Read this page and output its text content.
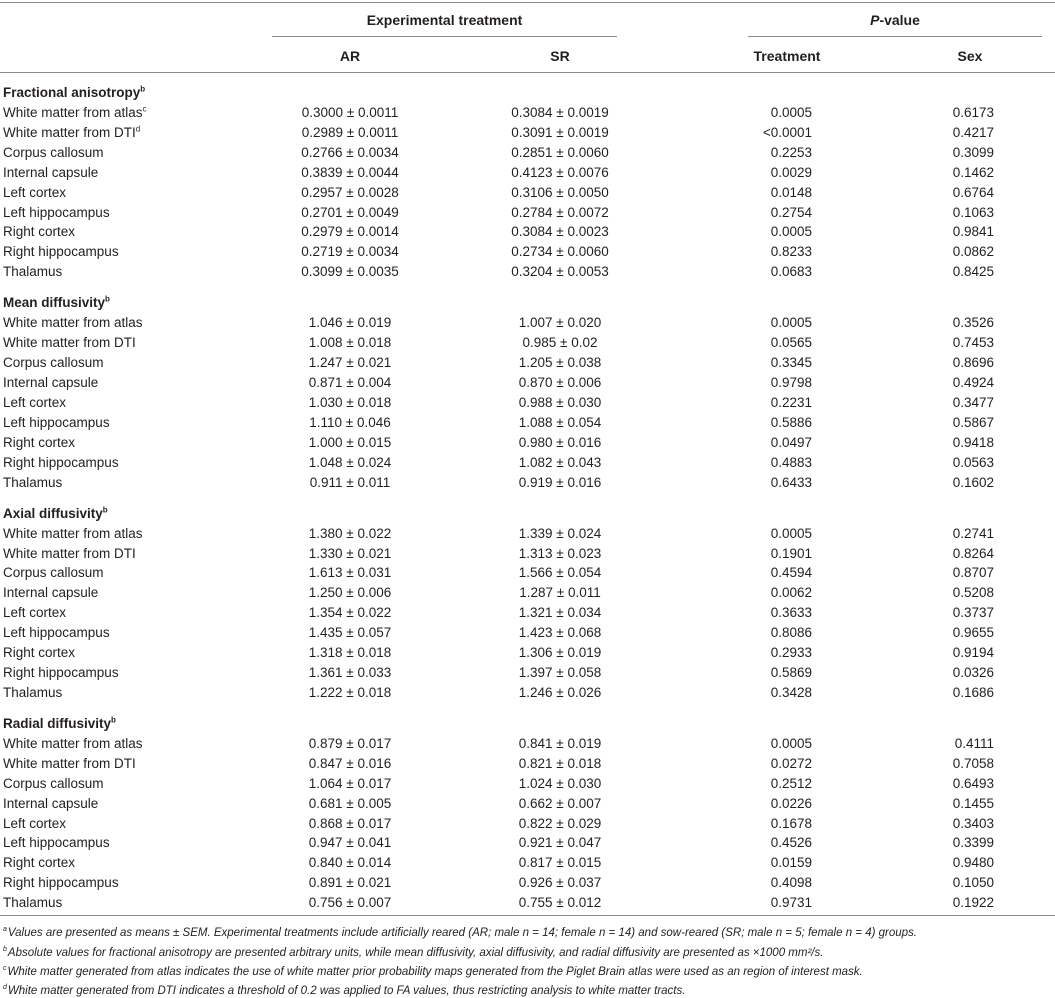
Experimental treatment	P-value
AR	SR	Treatment	Sex
Fractional anisotropy$^b$
White matter from atlas$^c$	0.3000 ± 0.0011	0.3084 ± 0.0019	0.0005	0.6173
White matter from DTI$^d$	0.2989 ± 0.0011	0.3091 ± 0.0019	<0.0001	0.4217
Corpus callosum	0.2766 ± 0.0034	0.2851 ± 0.0060	0.2253	0.3099
Internal capsule	0.3839 ± 0.0044	0.4123 ± 0.0076	0.0029	0.1462
Left cortex	0.2957 ± 0.0028	0.3106 ± 0.0050	0.0148	0.6764
Left hippocampus	0.2701 ± 0.0049	0.2784 ± 0.0072	0.2754	0.1063
Right cortex	0.2979 ± 0.0014	0.3084 ± 0.0023	0.0005	0.9841
Right hippocampus	0.2719 ± 0.0034	0.2734 ± 0.0060	0.8233	0.0862
Thalamus	0.3099 ± 0.0035	0.3204 ± 0.0053	0.0683	0.8425
Mean diffusivity$^b$
White matter from atlas	1.046 ± 0.019	1.007 ± 0.020	0.0005	0.3526
White matter from DTI	1.008 ± 0.018	0.985 ± 0.02	0.0565	0.7453
Corpus callosum	1.247 ± 0.021	1.205 ± 0.038	0.3345	0.8696
Internal capsule	0.871 ± 0.004	0.870 ± 0.006	0.9798	0.4924
Left cortex	1.030 ± 0.018	0.988 ± 0.030	0.2231	0.3477
Left hippocampus	1.110 ± 0.046	1.088 ± 0.054	0.5886	0.5867
Right cortex	1.000 ± 0.015	0.980 ± 0.016	0.0497	0.9418
Right hippocampus	1.048 ± 0.024	1.082 ± 0.043	0.4883	0.0563
Thalamus	0.911 ± 0.011	0.919 ± 0.016	0.6433	0.1602
Axial diffusivity$^b$
White matter from atlas	1.380 ± 0.022	1.339 ± 0.024	0.0005	0.2741
White matter from DTI	1.330 ± 0.021	1.313 ± 0.023	0.1901	0.8264
Corpus callosum	1.613 ± 0.031	1.566 ± 0.054	0.4594	0.8707
Internal capsule	1.250 ± 0.006	1.287 ± 0.011	0.0062	0.5208
Left cortex	1.354 ± 0.022	1.321 ± 0.034	0.3633	0.3737
Left hippocampus	1.435 ± 0.057	1.423 ± 0.068	0.8086	0.9655
Right cortex	1.318 ± 0.018	1.306 ± 0.019	0.2933	0.9194
Right hippocampus	1.361 ± 0.033	1.397 ± 0.058	0.5869	0.0326
Thalamus	1.222 ± 0.018	1.246 ± 0.026	0.3428	0.1686
Radial diffusivity$^b$
White matter from atlas	0.879 ± 0.017	0.841 ± 0.019	0.0005	0.4111
White matter from DTI	0.847 ± 0.016	0.821 ± 0.018	0.0272	0.7058
Corpus callosum	1.064 ± 0.017	1.024 ± 0.030	0.2512	0.6493
Internal capsule	0.681 ± 0.005	0.662 ± 0.007	0.0226	0.1455
Left cortex	0.868 ± 0.017	0.822 ± 0.029	0.1678	0.3403
Left hippocampus	0.947 ± 0.041	0.921 ± 0.047	0.4526	0.3399
Right cortex	0.840 ± 0.014	0.817 ± 0.015	0.0159	0.9480
Right hippocampus	0.891 ± 0.021	0.926 ± 0.037	0.4098	0.1050
Thalamus	0.756 ± 0.007	0.755 ± 0.012	0.9731	0.1922
$^a$Values are presented as means ± SEM. Experimental treatments include artificially reared (AR; male n = 14; female n = 14) and sow-reared (SR; male n = 5; female n = 4) groups.
$^b$Absolute values for fractional anisotropy are presented arbitrary units, while mean diffusivity, axial diffusivity, and radial diffusivity are presented as ×1000 mm²/s.
$^c$White matter generated from atlas indicates the use of white matter prior probability maps generated from the Piglet Brain atlas were used as an region of interest mask.
$^d$White matter generated from DTI indicates a threshold of 0.2 was applied to FA values, thus restricting analysis to white matter tracts.
